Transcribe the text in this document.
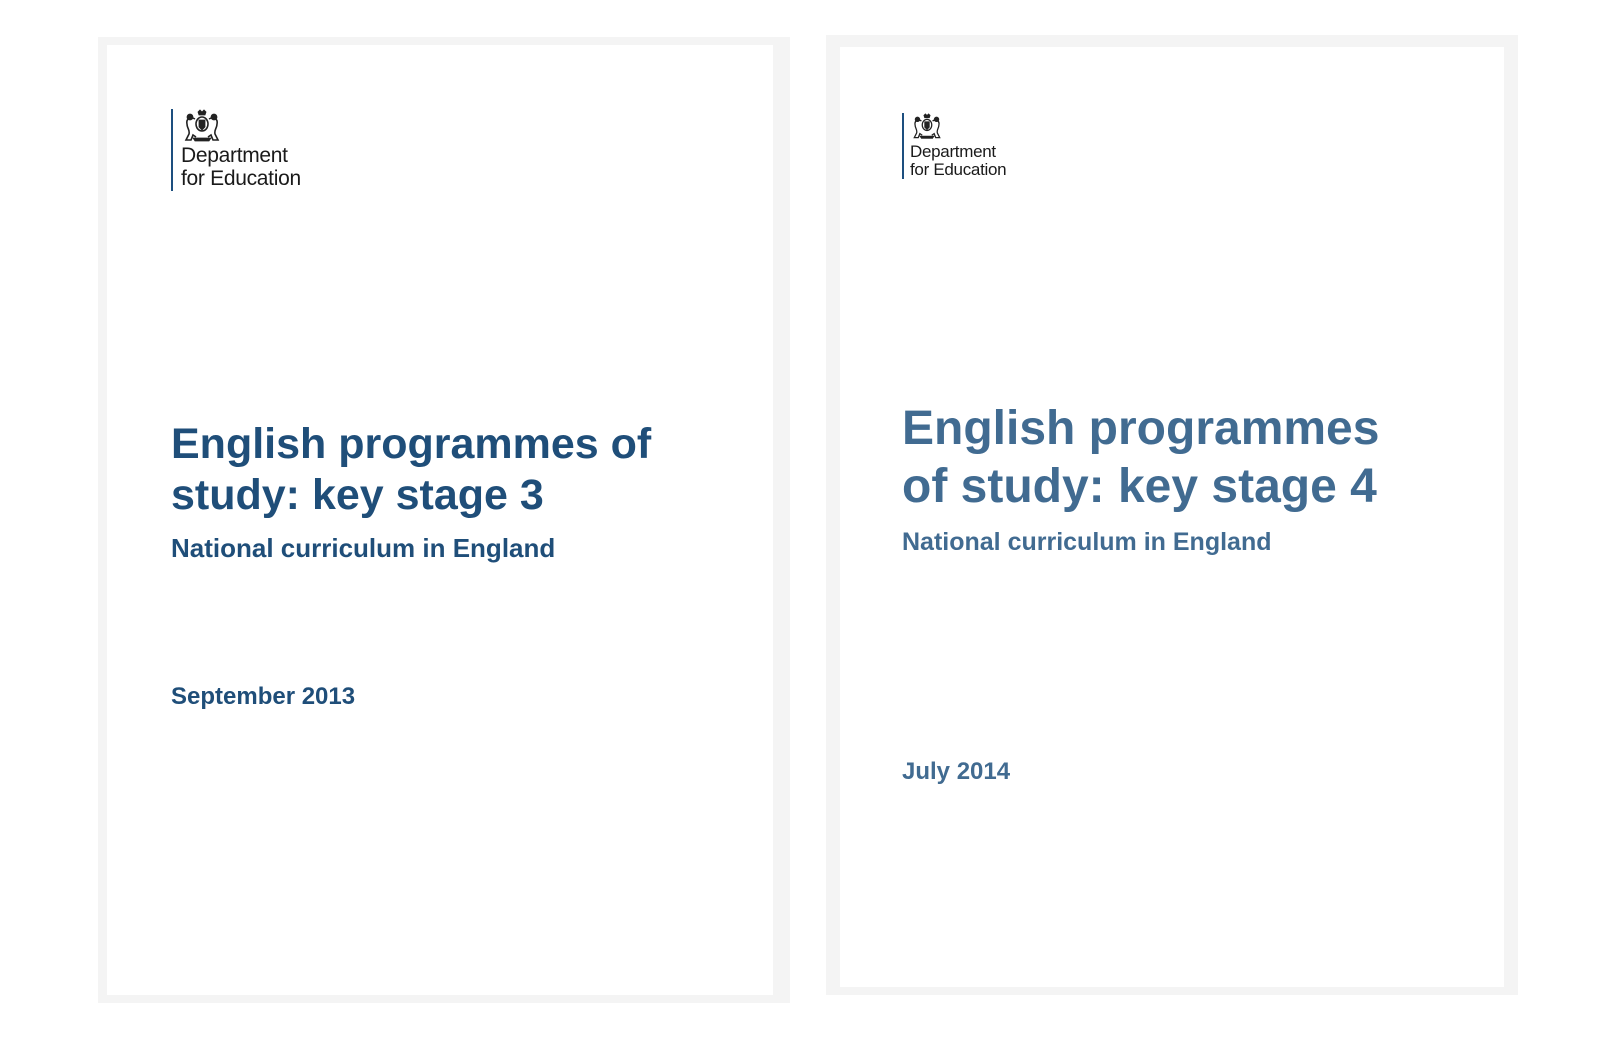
Department
for Education
English programmes of
study: key stage 3
National curriculum in England
September 2013
Department
for Education
English programmes
of study: key stage 4
National curriculum in England
July 2014
